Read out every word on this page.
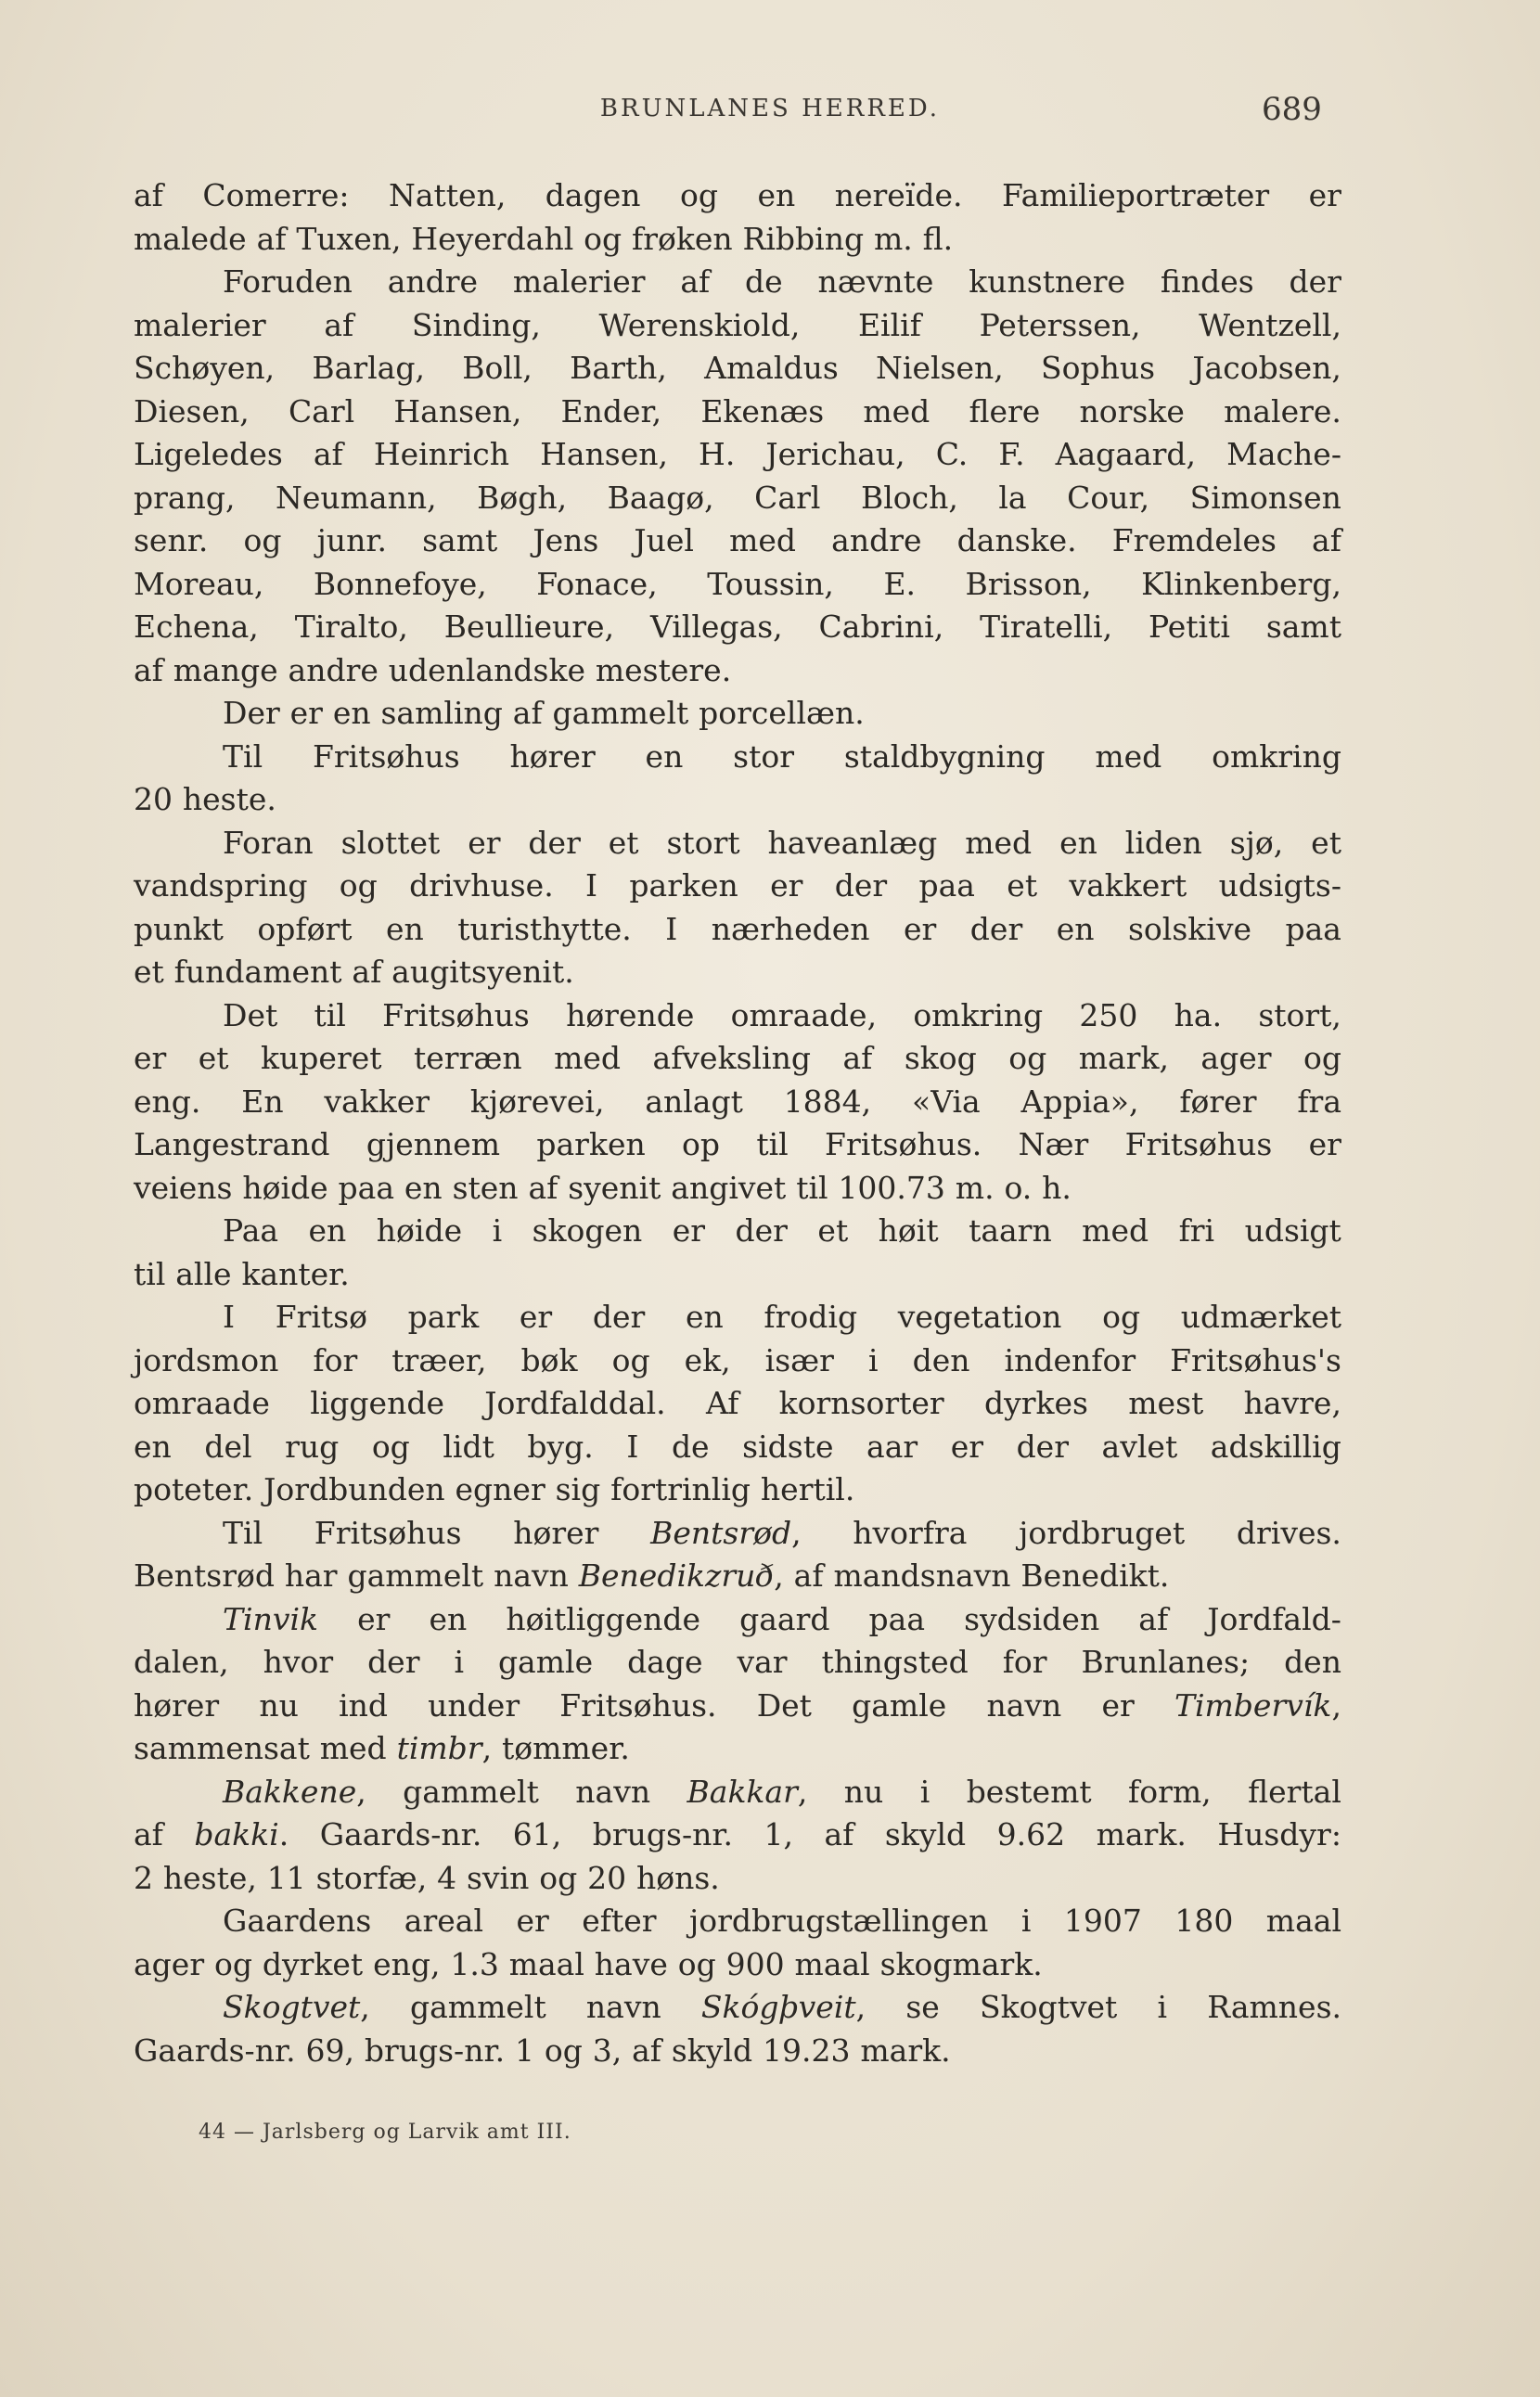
BRUNLANES HERRED.	689
af Comerre: Natten, dagen og en nereïde. Familieportræter er
malede af Tuxen, Heyerdahl og frøken Ribbing m. fl.
Foruden andre malerier af de nævnte kunstnere findes der
malerier af Sinding, Werenskiold, Eilif Peterssen, Wentzell,
Schøyen, Barlag, Boll, Barth, Amaldus Nielsen, Sophus Jacobsen,
Diesen, Carl Hansen, Ender, Ekenæs med flere norske malere.
Ligeledes af Heinrich Hansen, H. Jerichau, C. F. Aagaard, Mache-
prang, Neumann, Bøgh, Baagø, Carl Bloch, la Cour, Simonsen
senr. og junr. samt Jens Juel med andre danske. Fremdeles af
Moreau, Bonnefoye, Fonace, Toussin, E. Brisson, Klinkenberg,
Echena, Tiralto, Beullieure, Villegas, Cabrini, Tiratelli, Petiti samt
af mange andre udenlandske mestere.
Der er en samling af gammelt porcellæn.
Til Fritsøhus hører en stor staldbygning med omkring
20 heste.
Foran slottet er der et stort haveanlæg med en liden sjø, et
vandspring og drivhuse. I parken er der paa et vakkert udsigts-
punkt opført en turisthytte. I nærheden er der en solskive paa
et fundament af augitsyenit.
Det til Fritsøhus hørende omraade, omkring 250 ha. stort,
er et kuperet terræn med afveksling af skog og mark, ager og
eng. En vakker kjørevei, anlagt 1884, «Via Appia», fører fra
Langestrand gjennem parken op til Fritsøhus. Nær Fritsøhus er
veiens høide paa en sten af syenit angivet til 100.73 m. o. h.
Paa en høide i skogen er der et høit taarn med fri udsigt
til alle kanter.
I Fritsø park er der en frodig vegetation og udmærket
jordsmon for træer, bøk og ek, især i den indenfor Fritsøhus's
omraade liggende Jordfalddal. Af kornsorter dyrkes mest havre,
en del rug og lidt byg. I de sidste aar er der avlet adskillig
poteter. Jordbunden egner sig fortrinlig hertil.
Til Fritsøhus hører Bentsrød, hvorfra jordbruget drives.
Bentsrød har gammelt navn Benedikzruð, af mandsnavn Benedikt.
Tinvik er en høitliggende gaard paa sydsiden af Jordfald-
dalen, hvor der i gamle dage var thingsted for Brunlanes; den
hører nu ind under Fritsøhus. Det gamle navn er Timbervík,
sammensat med timbr, tømmer.
Bakkene, gammelt navn Bakkar, nu i bestemt form, flertal
af bakki. Gaards-nr. 61, brugs-nr. 1, af skyld 9.62 mark. Husdyr:
2 heste, 11 storfæ, 4 svin og 20 høns.
Gaardens areal er efter jordbrugstællingen i 1907 180 maal
ager og dyrket eng, 1.3 maal have og 900 maal skogmark.
Skogtvet, gammelt navn Skógþveit, se Skogtvet i Ramnes.
Gaards-nr. 69, brugs-nr. 1 og 3, af skyld 19.23 mark.
44 — Jarlsberg og Larvik amt III.
